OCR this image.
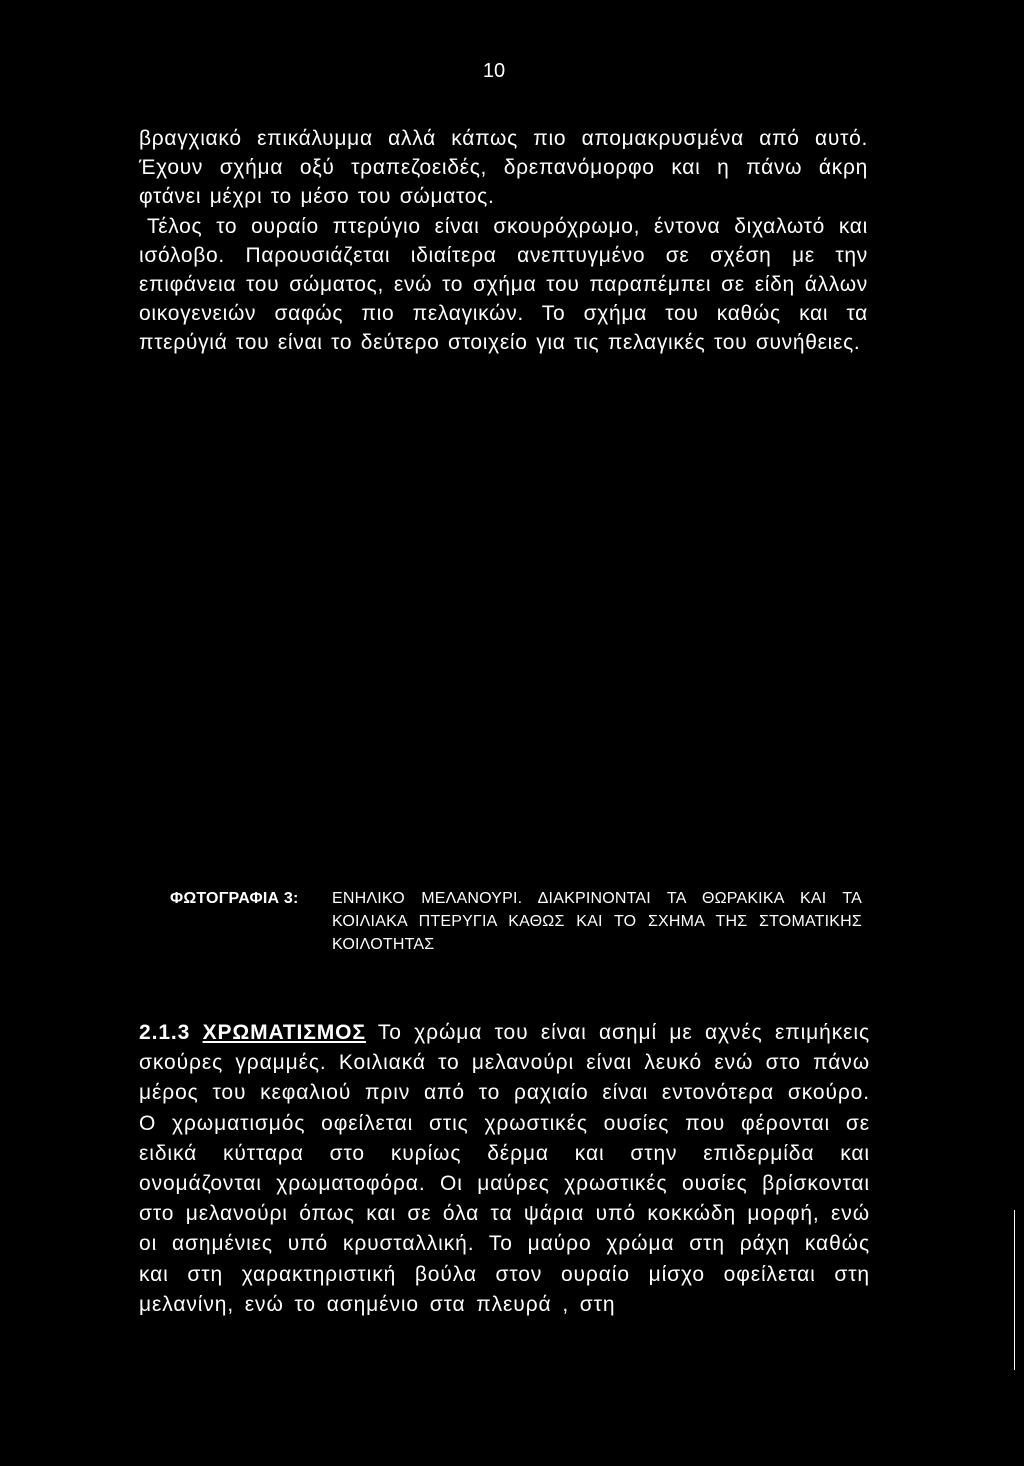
10
βραγχιακό επικάλυμμα αλλά κάπως πιο απομακρυσμένα από αυτό. Έχουν σχήμα οξύ τραπεζοειδές, δρεπανόμορφο και η πάνω άκρη φτάνει μέχρι το μέσο του σώματος.
Τέλος το ουραίο πτερύγιο είναι σκουρόχρωμο, έντονα διχαλωτό και ισόλοβο. Παρουσιάζεται ιδιαίτερα ανεπτυγμένο σε σχέση με την επιφάνεια του σώματος, ενώ το σχήμα του παραπέμπει σε είδη άλλων οικογενειών σαφώς πιο πελαγικών. Το σχήμα του καθώς και τα πτερύγιά του είναι το δεύτερο στοιχείο για τις πελαγικές του συνήθειες.
ΦΩΤΟΓΡΑΦΙΑ 3: ΕΝΗΛΙΚΟ ΜΕΛΑΝΟΥΡΙ. ΔΙΑΚΡΙΝΟΝΤΑΙ ΤΑ ΘΩΡΑΚΙΚΑ ΚΑΙ ΤΑ ΚΟΙΛΙΑΚΑ ΠΤΕΡΥΓΙΑ ΚΑΘΩΣ ΚΑΙ ΤΟ ΣΧΗΜΑ ΤΗΣ ΣΤΟΜΑΤΙΚΗΣ ΚΟΙΛΟΤΗΤΑΣ
2.1.3 ΧΡΩΜΑΤΙΣΜΟΣ Το χρώμα του είναι ασημί με αχνές επιμήκεις σκούρες γραμμές. Κοιλιακά το μελανούρι είναι λευκό ενώ στο πάνω μέρος του κεφαλιού πριν από το ραχιαίο είναι εντονότερα σκούρο. Ο χρωματισμός οφείλεται στις χρωστικές ουσίες που φέρονται σε ειδικά κύτταρα στο κυρίως δέρμα και στην επιδερμίδα και ονομάζονται χρωματοφόρα. Οι μαύρες χρωστικές ουσίες βρίσκονται στο μελανούρι όπως και σε όλα τα ψάρια υπό κοκκώδη μορφή, ενώ οι ασημένιες υπό κρυσταλλική. Το μαύρο χρώμα στη ράχη καθώς και στη χαρακτηριστική βούλα στον ουραίο μίσχο οφείλεται στη μελανίνη, ενώ το ασημένιο στα πλευρά , στη
